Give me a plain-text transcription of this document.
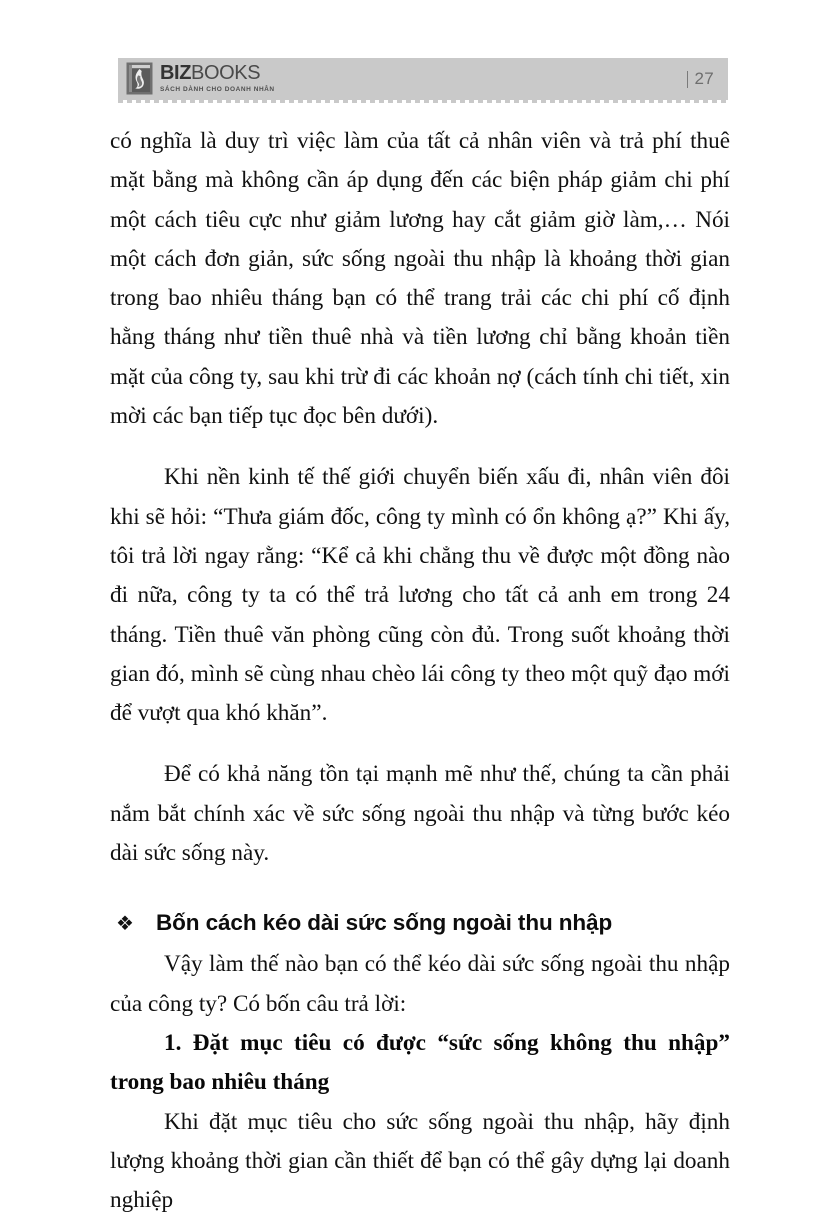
BIZBOOKS
SÁCH DÀNH CHO DOANH NHÂN
27

có nghĩa là duy trì việc làm của tất cả nhân viên và trả phí thuê mặt bằng mà không cần áp dụng đến các biện pháp giảm chi phí một cách tiêu cực như giảm lương hay cắt giảm giờ làm,… Nói một cách đơn giản, sức sống ngoài thu nhập là khoảng thời gian trong bao nhiêu tháng bạn có thể trang trải các chi phí cố định hằng tháng như tiền thuê nhà và tiền lương chỉ bằng khoản tiền mặt của công ty, sau khi trừ đi các khoản nợ (cách tính chi tiết, xin mời các bạn tiếp tục đọc bên dưới).

Khi nền kinh tế thế giới chuyển biến xấu đi, nhân viên đôi khi sẽ hỏi: “Thưa giám đốc, công ty mình có ổn không ạ?” Khi ấy, tôi trả lời ngay rằng: “Kể cả khi chẳng thu về được một đồng nào đi nữa, công ty ta có thể trả lương cho tất cả anh em trong 24 tháng. Tiền thuê văn phòng cũng còn đủ. Trong suốt khoảng thời gian đó, mình sẽ cùng nhau chèo lái công ty theo một quỹ đạo mới để vượt qua khó khăn”.

Để có khả năng tồn tại mạnh mẽ như thế, chúng ta cần phải nắm bắt chính xác về sức sống ngoài thu nhập và từng bước kéo dài sức sống này.

❖ Bốn cách kéo dài sức sống ngoài thu nhập

Vậy làm thế nào bạn có thể kéo dài sức sống ngoài thu nhập của công ty? Có bốn câu trả lời:

1. Đặt mục tiêu có được “sức sống không thu nhập” trong bao nhiêu tháng

Khi đặt mục tiêu cho sức sống ngoài thu nhập, hãy định lượng khoảng thời gian cần thiết để bạn có thể gây dựng lại doanh nghiệp
